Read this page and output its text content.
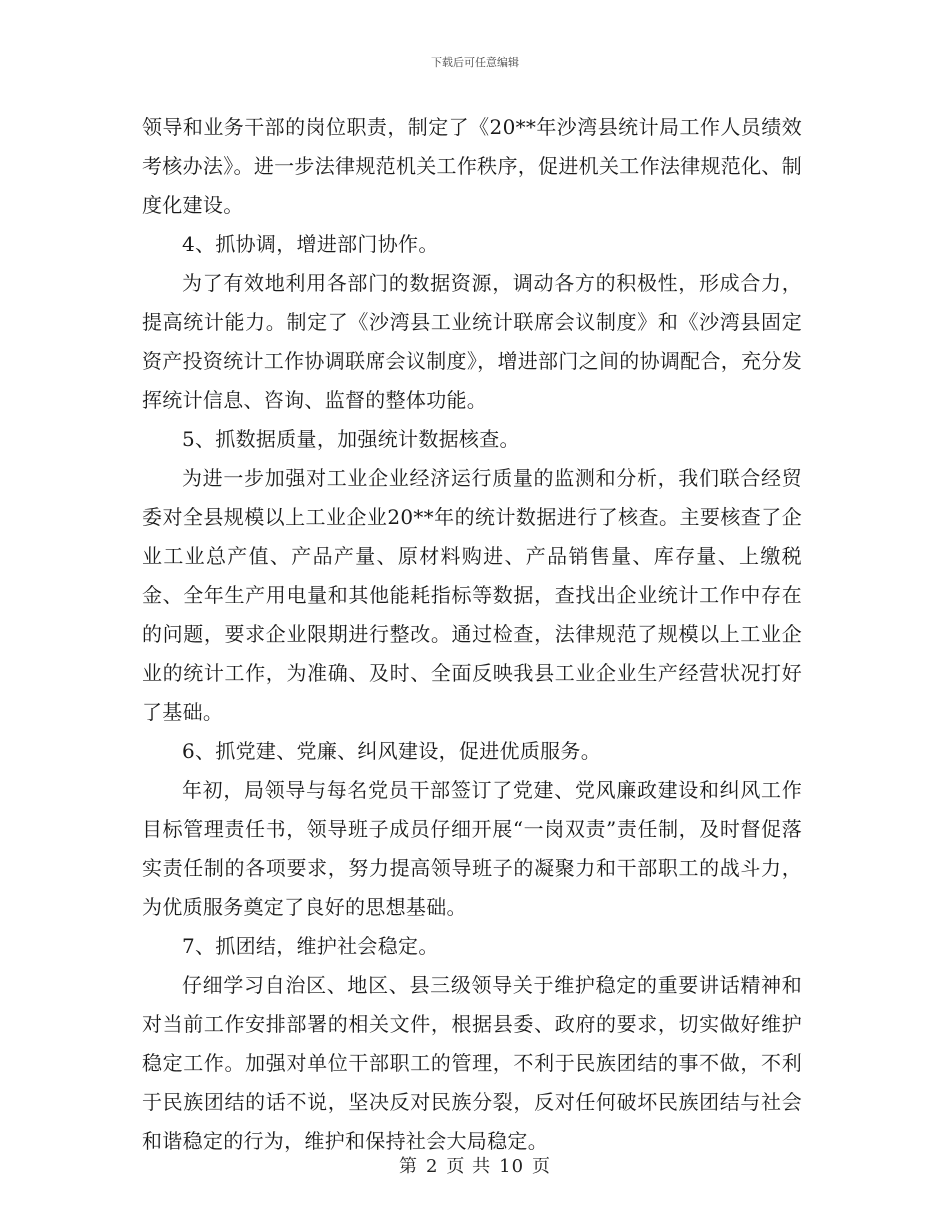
下载后可任意编辑

领导和业务干部的岗位职责，制定了《20**年沙湾县统计局工作人员绩效考核办法》。进一步法律规范机关工作秩序，促进机关工作法律规范化、制度化建设。

4、抓协调，增进部门协作。

为了有效地利用各部门的数据资源，调动各方的积极性，形成合力，提高统计能力。制定了《沙湾县工业统计联席会议制度》和《沙湾县固定资产投资统计工作协调联席会议制度》，增进部门之间的协调配合，充分发挥统计信息、咨询、监督的整体功能。

5、抓数据质量，加强统计数据核查。

为进一步加强对工业企业经济运行质量的监测和分析，我们联合经贸委对全县规模以上工业企业20**年的统计数据进行了核查。主要核查了企业工业总产值、产品产量、原材料购进、产品销售量、库存量、上缴税金、全年生产用电量和其他能耗指标等数据，查找出企业统计工作中存在的问题，要求企业限期进行整改。通过检查，法律规范了规模以上工业企业的统计工作，为准确、及时、全面反映我县工业企业生产经营状况打好了基础。

6、抓党建、党廉、纠风建设，促进优质服务。

年初，局领导与每名党员干部签订了党建、党风廉政建设和纠风工作目标管理责任书，领导班子成员仔细开展“一岗双责”责任制，及时督促落实责任制的各项要求，努力提高领导班子的凝聚力和干部职工的战斗力，为优质服务奠定了良好的思想基础。

7、抓团结，维护社会稳定。

仔细学习自治区、地区、县三级领导关于维护稳定的重要讲话精神和对当前工作安排部署的相关文件，根据县委、政府的要求，切实做好维护稳定工作。加强对单位干部职工的管理，不利于民族团结的事不做，不利于民族团结的话不说，坚决反对民族分裂，反对任何破坏民族团结与社会和谐稳定的行为，维护和保持社会大局稳定。

第 2 页 共 10 页
